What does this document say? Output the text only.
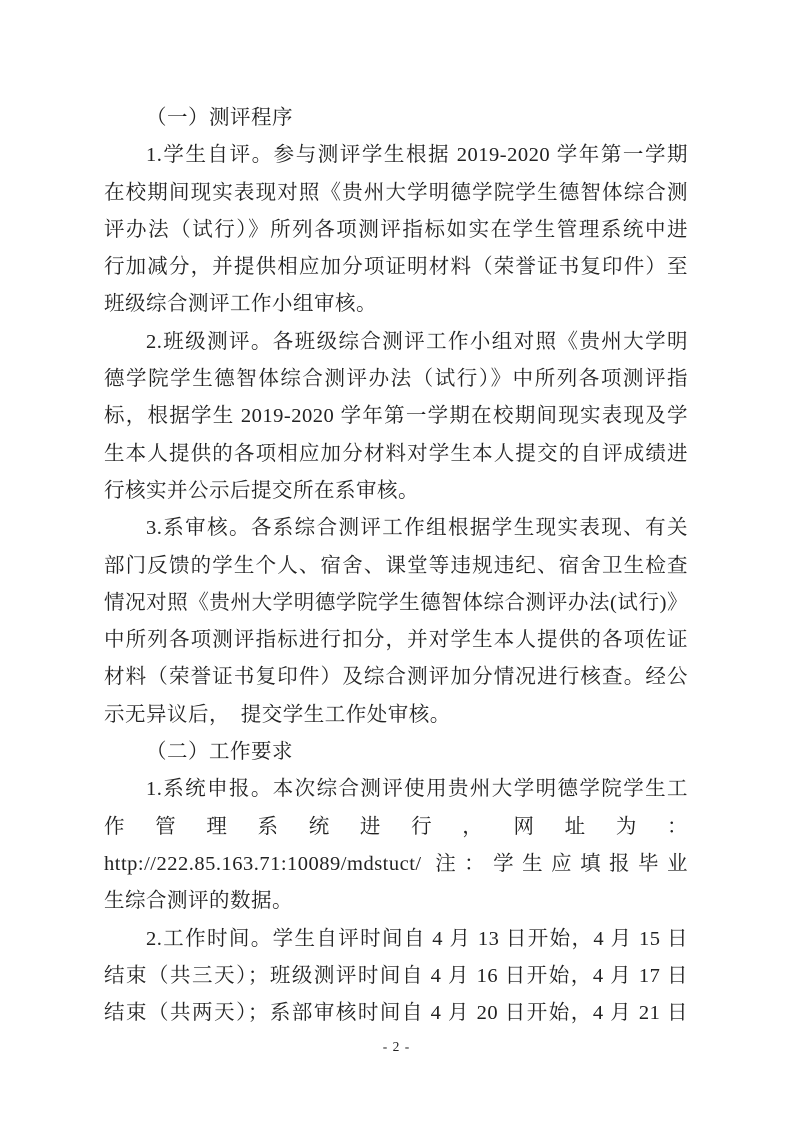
（一）测评程序
1.学生自评。参与测评学生根据 2019-2020 学年第一学期
在校期间现实表现对照《贵州大学明德学院学生德智体综合测
评办法（试行）》所列各项测评指标如实在学生管理系统中进
行加减分，并提供相应加分项证明材料（荣誉证书复印件）至
班级综合测评工作小组审核。
2.班级测评。各班级综合测评工作小组对照《贵州大学明
德学院学生德智体综合测评办法（试行）》中所列各项测评指
标，根据学生 2019-2020 学年第一学期在校期间现实表现及学
生本人提供的各项相应加分材料对学生本人提交的自评成绩进
行核实并公示后提交所在系审核。
3.系审核。各系综合测评工作组根据学生现实表现、有关
部门反馈的学生个人、宿舍、课堂等违规违纪、宿舍卫生检查
情况对照《贵州大学明德学院学生德智体综合测评办法(试行)》
中所列各项测评指标进行扣分，并对学生本人提供的各项佐证
材料（荣誉证书复印件）及综合测评加分情况进行核查。经公
示无异议后，　提交学生工作处审核。
（二）工作要求
1.系统申报。本次综合测评使用贵州大学明德学院学生工
作管理系统进行，网址为：
http://222.85.163.71:10089/mdstuct/ 注：学生应填报毕业
生综合测评的数据。
2.工作时间。学生自评时间自 4 月 13 日开始，4 月 15 日
结束（共三天）；班级测评时间自 4 月 16 日开始，4 月 17 日
结束（共两天）；系部审核时间自 4 月 20 日开始，4 月 21 日
- 2 -
